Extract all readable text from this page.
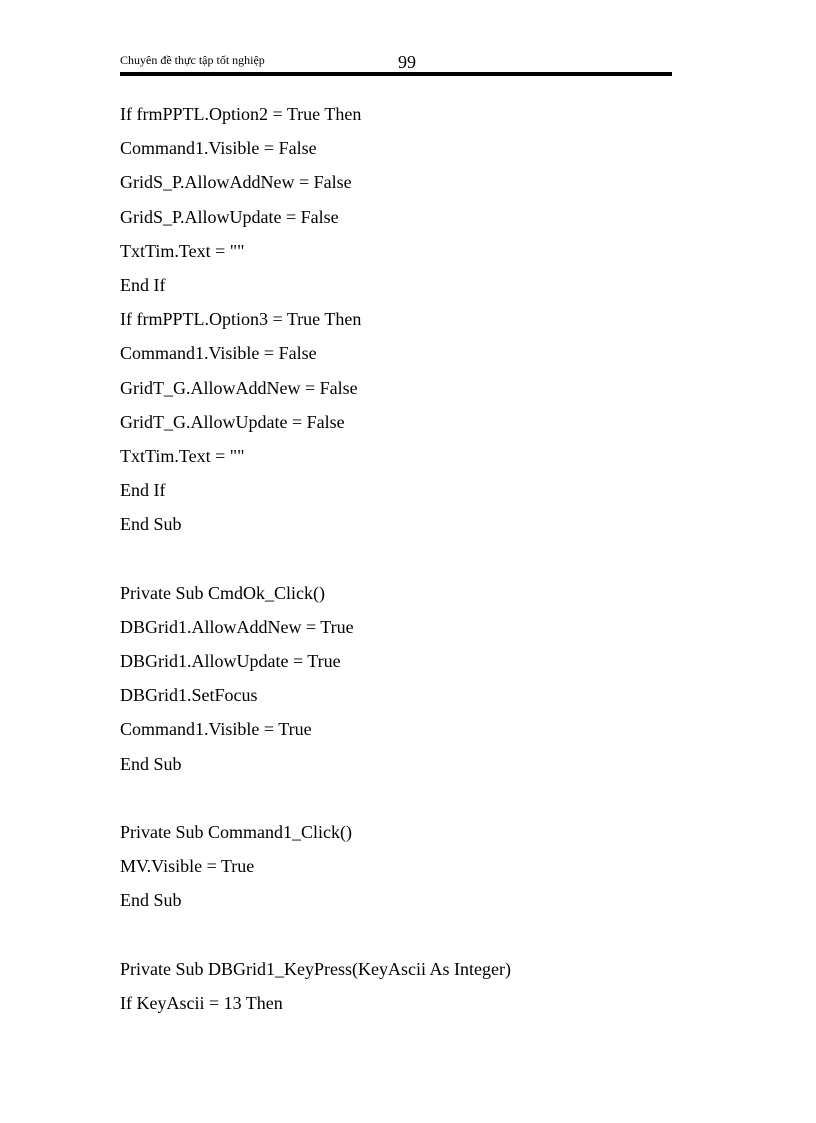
Chuyên đề thực tập tốt nghiệp	99
If frmPPTL.Option2 = True Then
Command1.Visible = False
GridS_P.AllowAddNew = False
GridS_P.AllowUpdate = False
TxtTim.Text = ""
End If
If frmPPTL.Option3 = True Then
Command1.Visible = False
GridT_G.AllowAddNew = False
GridT_G.AllowUpdate = False
TxtTim.Text = ""
End If
End Sub
Private Sub CmdOk_Click()
DBGrid1.AllowAddNew = True
DBGrid1.AllowUpdate = True
DBGrid1.SetFocus
Command1.Visible = True
End Sub
Private Sub Command1_Click()
MV.Visible = True
End Sub
Private Sub DBGrid1_KeyPress(KeyAscii As Integer)
If KeyAscii = 13 Then
